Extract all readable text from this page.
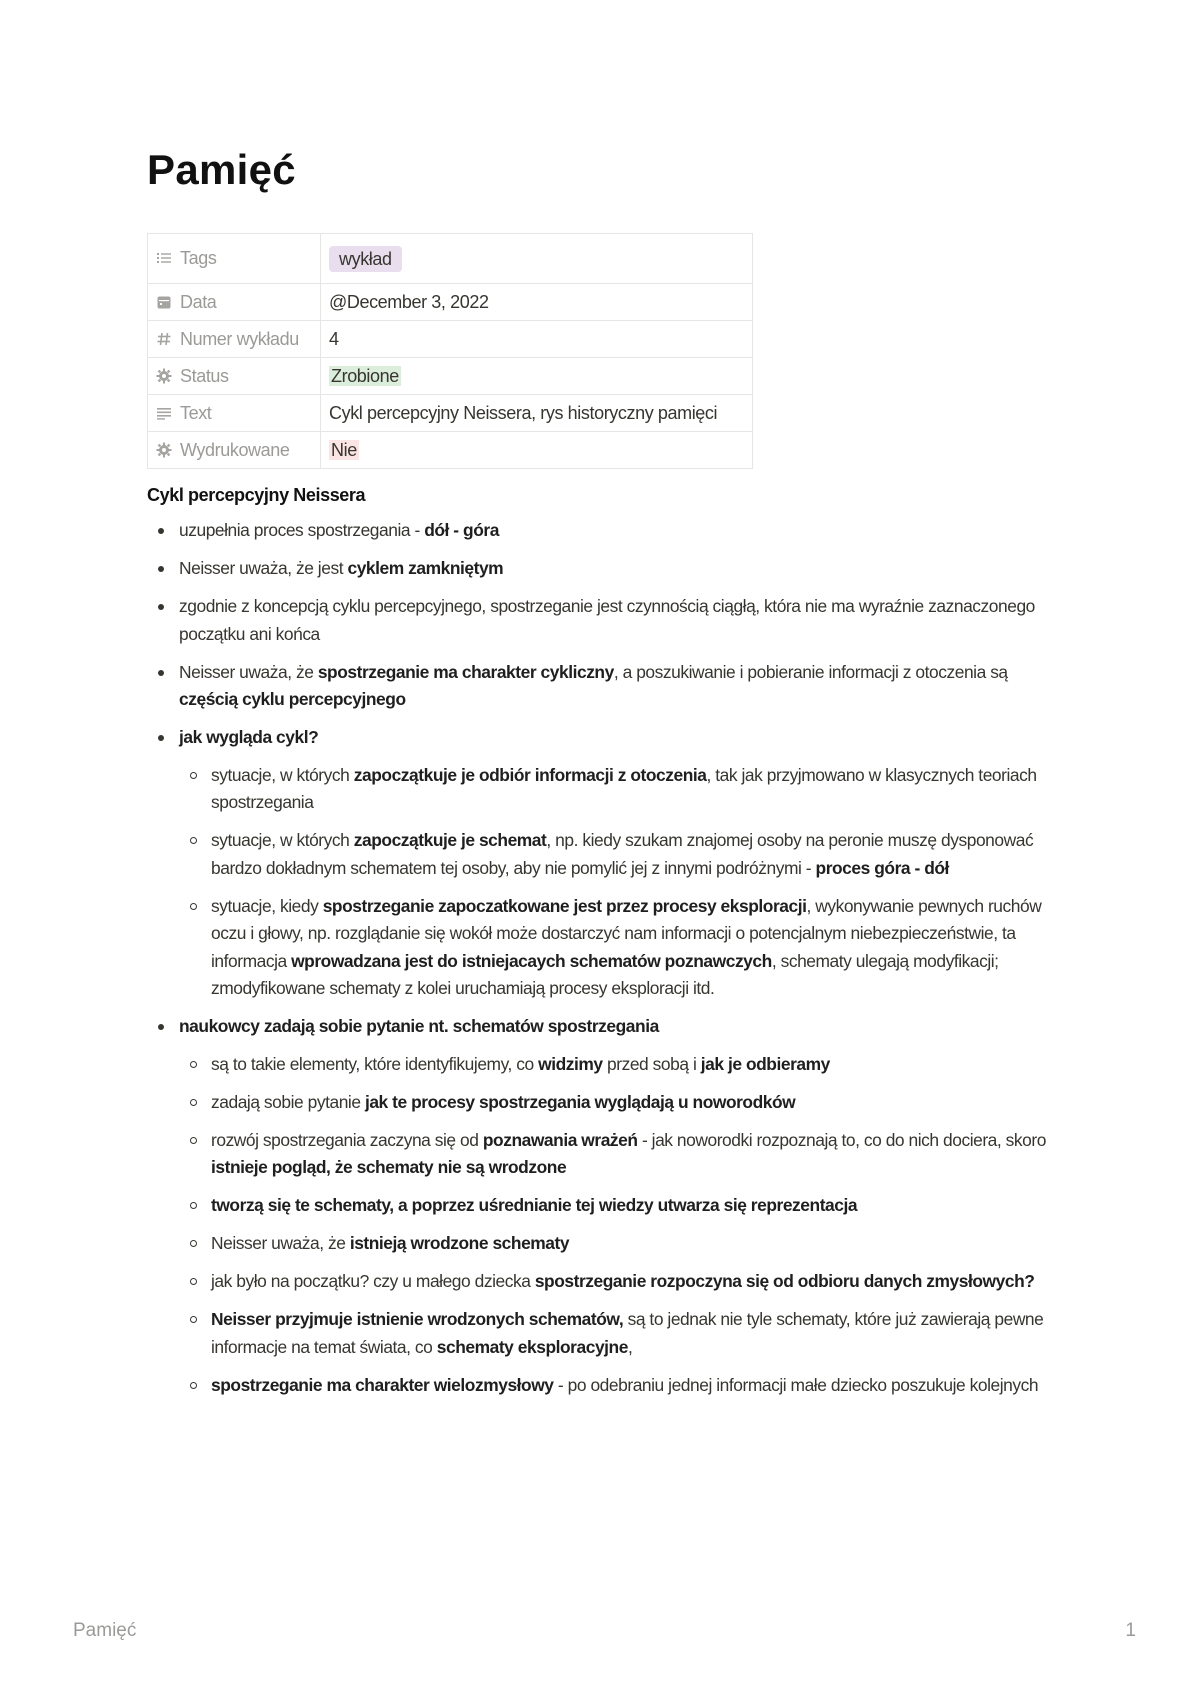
Pamięć
Tags	wykład

Data	@December 3, 2022

Numer wykładu	4

Status	Zrobione

Text	Cykl percepcyjny Neissera, rys historyczny pamięci

Wydrukowane	Nie
Cykl percepcyjny Neissera
uzupełnia proces spostrzegania - dół - góra
Neisser uważa, że jest cyklem zamkniętym
zgodnie z koncepcją cyklu percepcyjnego, spostrzeganie jest czynnością ciągłą, która nie ma wyraźnie zaznaczonego początku ani końca
Neisser uważa, że spostrzeganie ma charakter cykliczny, a poszukiwanie i pobieranie informacji z otoczenia są częścią cyklu percepcyjnego
jak wygląda cykl?
sytuacje, w których zapoczątkuje je odbiór informacji z otoczenia, tak jak przyjmowano w klasycznych teoriach spostrzegania
sytuacje, w których zapoczątkuje je schemat, np. kiedy szukam znajomej osoby na peronie muszę dysponować bardzo dokładnym schematem tej osoby, aby nie pomylić jej z innymi podróżnymi - proces góra - dół
sytuacje, kiedy spostrzeganie zapoczatkowane jest przez procesy eksploracji, wykonywanie pewnych ruchów oczu i głowy, np. rozglądanie się wokół może dostarczyć nam informacji o potencjalnym niebezpieczeństwie, ta informacja wprowadzana jest do istniejacaych schematów poznawczych, schematy ulegają modyfikacji; zmodyfikowane schematy z kolei uruchamiają procesy eksploracji itd.
naukowcy zadają sobie pytanie nt. schematów spostrzegania
są to takie elementy, które identyfikujemy, co widzimy przed sobą i jak je odbieramy
zadają sobie pytanie jak te procesy spostrzegania wyglądają u noworodków
rozwój spostrzegania zaczyna się od poznawania wrażeń - jak noworodki rozpoznają to, co do nich dociera, skoro istnieje pogląd, że schematy nie są wrodzone
tworzą się te schematy, a poprzez uśrednianie tej wiedzy utwarza się reprezentacja
Neisser uważa, że istnieją wrodzone schematy
jak było na początku? czy u małego dziecka spostrzeganie rozpoczyna się od odbioru danych zmysłowych?
Neisser przyjmuje istnienie wrodzonych schematów, są to jednak nie tyle schematy, które już zawierają pewne informacje na temat świata, co schematy eksploracyjne,
spostrzeganie ma charakter wielozmysłowy - po odebraniu jednej informacji małe dziecko poszukuje kolejnych
Pamięć	1
